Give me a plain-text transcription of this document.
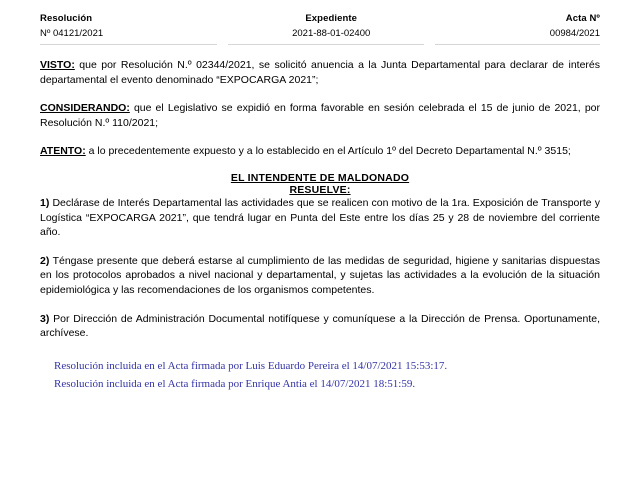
Resolución	Expediente	Acta Nº
Nº 04121/2021	2021-88-01-02400	00984/2021

VISTO: que por Resolución N.º 02344/2021, se solicitó anuencia a la Junta Departamental para declarar de interés departamental el evento denominado “EXPOCARGA 2021”;

CONSIDERANDO: que el Legislativo se expidió en forma favorable en sesión celebrada el 15 de junio de 2021, por Resolución N.º 110/2021;

ATENTO: a lo precedentemente expuesto y a lo establecido en el Artículo 1º del Decreto Departamental N.º 3515;

EL INTENDENTE DE MALDONADO
RESUELVE:

1) Declárase de Interés Departamental las actividades que se realicen con motivo de la 1ra. Exposición de Transporte y Logística “EXPOCARGA 2021”, que tendrá lugar en Punta del Este entre los días 25 y 28 de noviembre del corriente año.

2) Téngase presente que deberá estarse al cumplimiento de las medidas de seguridad, higiene y sanitarias dispuestas en los protocolos aprobados a nivel nacional y departamental, y sujetas las actividades a la evolución de la situación epidemiológica y las recomendaciones de los organismos competentes.

3) Por Dirección de Administración Documental notifíquese y comuníquese a la Dirección de Prensa. Oportunamente, archívese.

Resolución incluida en el Acta firmada por Luis Eduardo Pereira el 14/07/2021 15:53:17.
Resolución incluida en el Acta firmada por Enrique Antia el 14/07/2021 18:51:59.
